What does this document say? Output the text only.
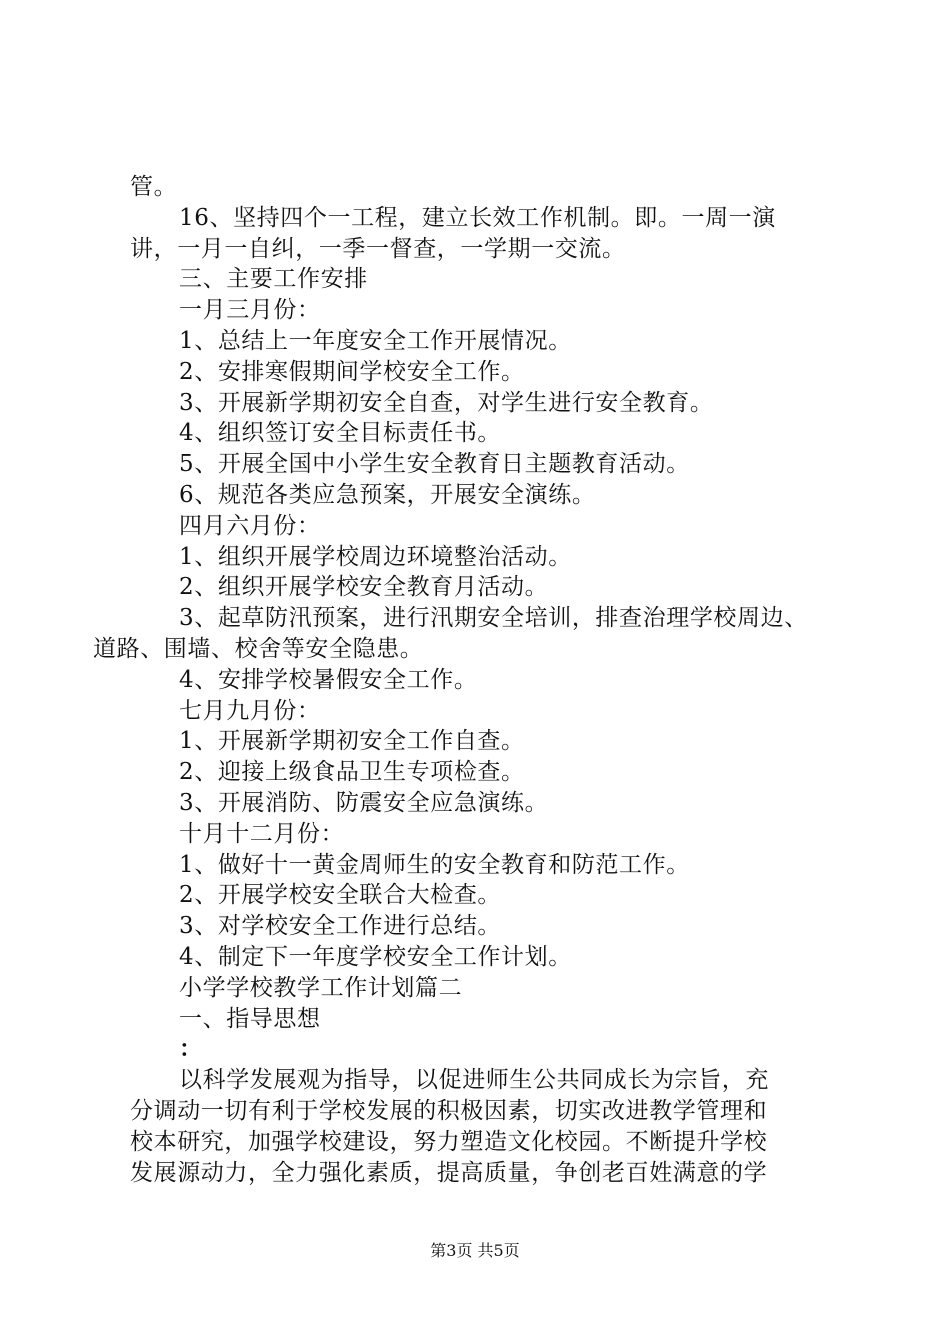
管。
16、坚持四个一工程，建立长效工作机制。即。一周一演
讲，一月一自纠，一季一督查，一学期一交流。
三、主要工作安排
一月三月份：
1、总结上一年度安全工作开展情况。
2、安排寒假期间学校安全工作。
3、开展新学期初安全自查，对学生进行安全教育。
4、组织签订安全目标责任书。
5、开展全国中小学生安全教育日主题教育活动。
6、规范各类应急预案，开展安全演练。
四月六月份：
1、组织开展学校周边环境整治活动。
2、组织开展学校安全教育月活动。
3、起草防汛预案，进行汛期安全培训，排查治理学校周边、
道路、围墙、校舍等安全隐患。
4、安排学校暑假安全工作。
七月九月份：
1、开展新学期初安全工作自查。
2、迎接上级食品卫生专项检查。
3、开展消防、防震安全应急演练。
十月十二月份：
1、做好十一黄金周师生的安全教育和防范工作。
2、开展学校安全联合大检查。
3、对学校安全工作进行总结。
4、制定下一年度学校安全工作计划。
小学学校教学工作计划篇二
一、指导思想
：
以科学发展观为指导，以促进师生公共同成长为宗旨，充
分调动一切有利于学校发展的积极因素，切实改进教学管理和
校本研究，加强学校建设，努力塑造文化校园。不断提升学校
发展源动力，全力强化素质，提高质量，争创老百姓满意的学
第3页 共5页
